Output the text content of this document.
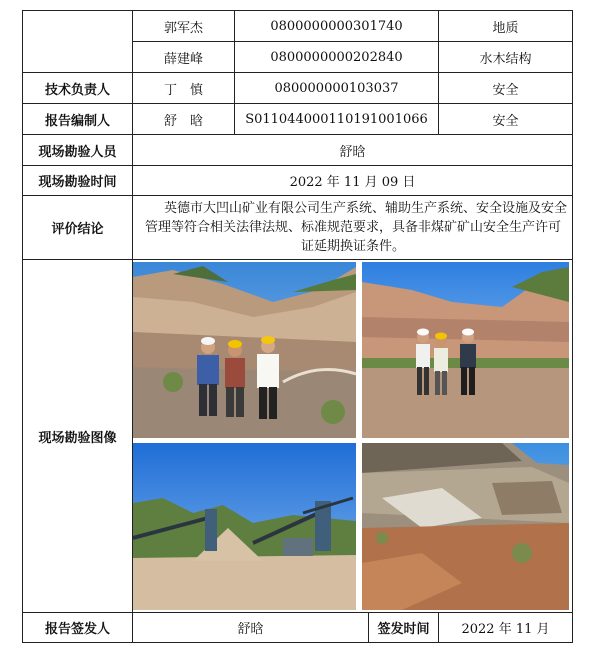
	郭军杰	0800000000301740		地质
	薛建峰	0800000000202840		水木结构
技术负责人	丁　慎	080000000103037		安全
报告编制人	舒　晗	S011044000110191001066		安全
现场勘验人员	舒晗			
现场勘验时间	2022 年 11 月 09 日			
评价结论	英德市大凹山矿业有限公司生产系统、辅助生产系统、安全设施及安全管理等符合相关法律法规、标准规范要求，具备非煤矿矿山安全生产许可证延期换证条件。			
现场勘验图像	

报告签发人	舒晗		签发时间	2022 年 11 月
